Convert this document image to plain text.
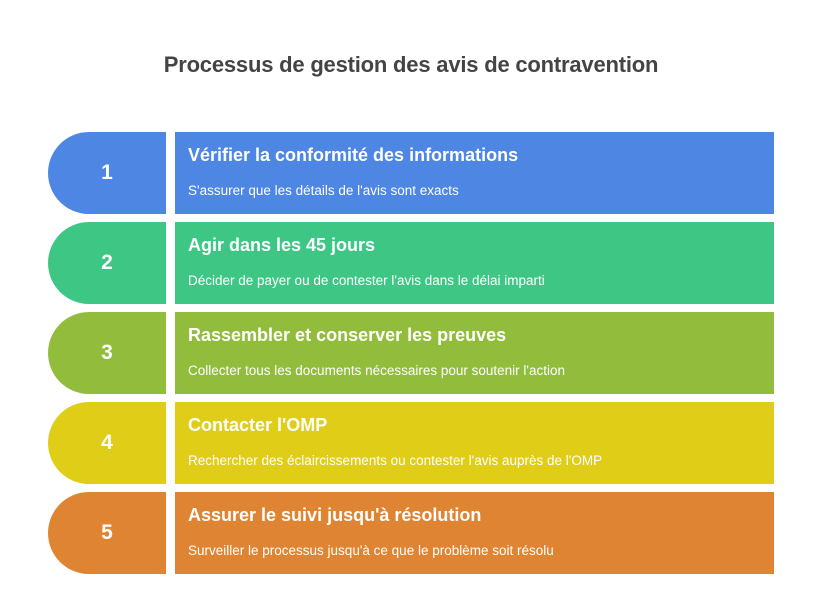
Processus de gestion des avis de contravention
1
Vérifier la conformité des informations
S'assurer que les détails de l'avis sont exacts
2
Agir dans les 45 jours
Décider de payer ou de contester l'avis dans le délai imparti
3
Rassembler et conserver les preuves
Collecter tous les documents nécessaires pour soutenir l'action
4
Contacter l'OMP
Rechercher des éclaircissements ou contester l'avis auprès de l'OMP
5
Assurer le suivi jusqu'à résolution
Surveiller le processus jusqu'à ce que le problème soit résolu
